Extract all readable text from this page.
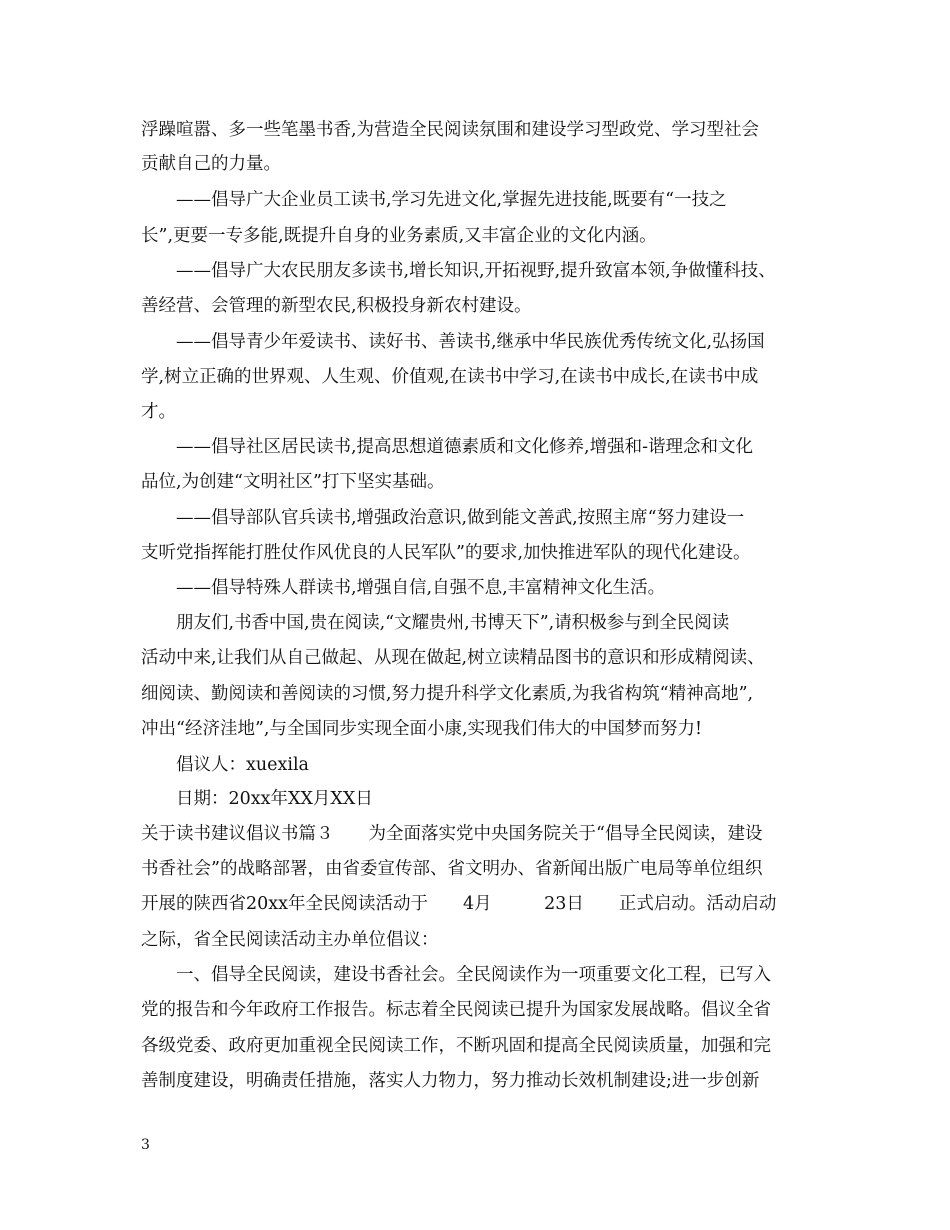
浮躁喧嚣、多一些笔墨书香,为营造全民阅读氛围和建设学习型政党、学习型社会
贡献自己的力量。
——倡导广大企业员工读书,学习先进文化,掌握先进技能,既要有“一技之
长”,更要一专多能,既提升自身的业务素质,又丰富企业的文化内涵。
——倡导广大农民朋友多读书,增长知识,开拓视野,提升致富本领,争做懂科技、
善经营、会管理的新型农民,积极投身新农村建设。
——倡导青少年爱读书、读好书、善读书,继承中华民族优秀传统文化,弘扬国
学,树立正确的世界观、人生观、价值观,在读书中学习,在读书中成长,在读书中成
才。
——倡导社区居民读书,提高思想道德素质和文化修养,增强和-谐理念和文化
品位,为创建“文明社区”打下坚实基础。
——倡导部队官兵读书,增强政治意识,做到能文善武,按照主席“努力建设一
支听党指挥能打胜仗作风优良的人民军队”的要求,加快推进军队的现代化建设。
——倡导特殊人群读书,增强自信,自强不息,丰富精神文化生活。
朋友们,书香中国,贵在阅读,“文耀贵州,书博天下”,请积极参与到全民阅读
活动中来,让我们从自己做起、从现在做起,树立读精品图书的意识和形成精阅读、
细阅读、勤阅读和善阅读的习惯,努力提升科学文化素质,为我省构筑“精神高地”,
冲出“经济洼地”,与全国同步实现全面小康,实现我们伟大的中国梦而努力!
倡议人：xuexila
日期：20xx年XX月XX日
关于读书建议倡议书篇３　　为全面落实党中央国务院关于“倡导全民阅读，建设
书香社会”的战略部署，由省委宣传部、省文明办、省新闻出版广电局等单位组织
开展的陕西省20xx年全民阅读活动于　　4月　　　23日　　正式启动。活动启动
之际，省全民阅读活动主办单位倡议：
一、倡导全民阅读，建设书香社会。全民阅读作为一项重要文化工程，已写入
党的报告和今年政府工作报告。标志着全民阅读已提升为国家发展战略。倡议全省
各级党委、政府更加重视全民阅读工作，不断巩固和提高全民阅读质量，加强和完
善制度建设，明确责任措施，落实人力物力，努力推动长效机制建设;进一步创新
3
